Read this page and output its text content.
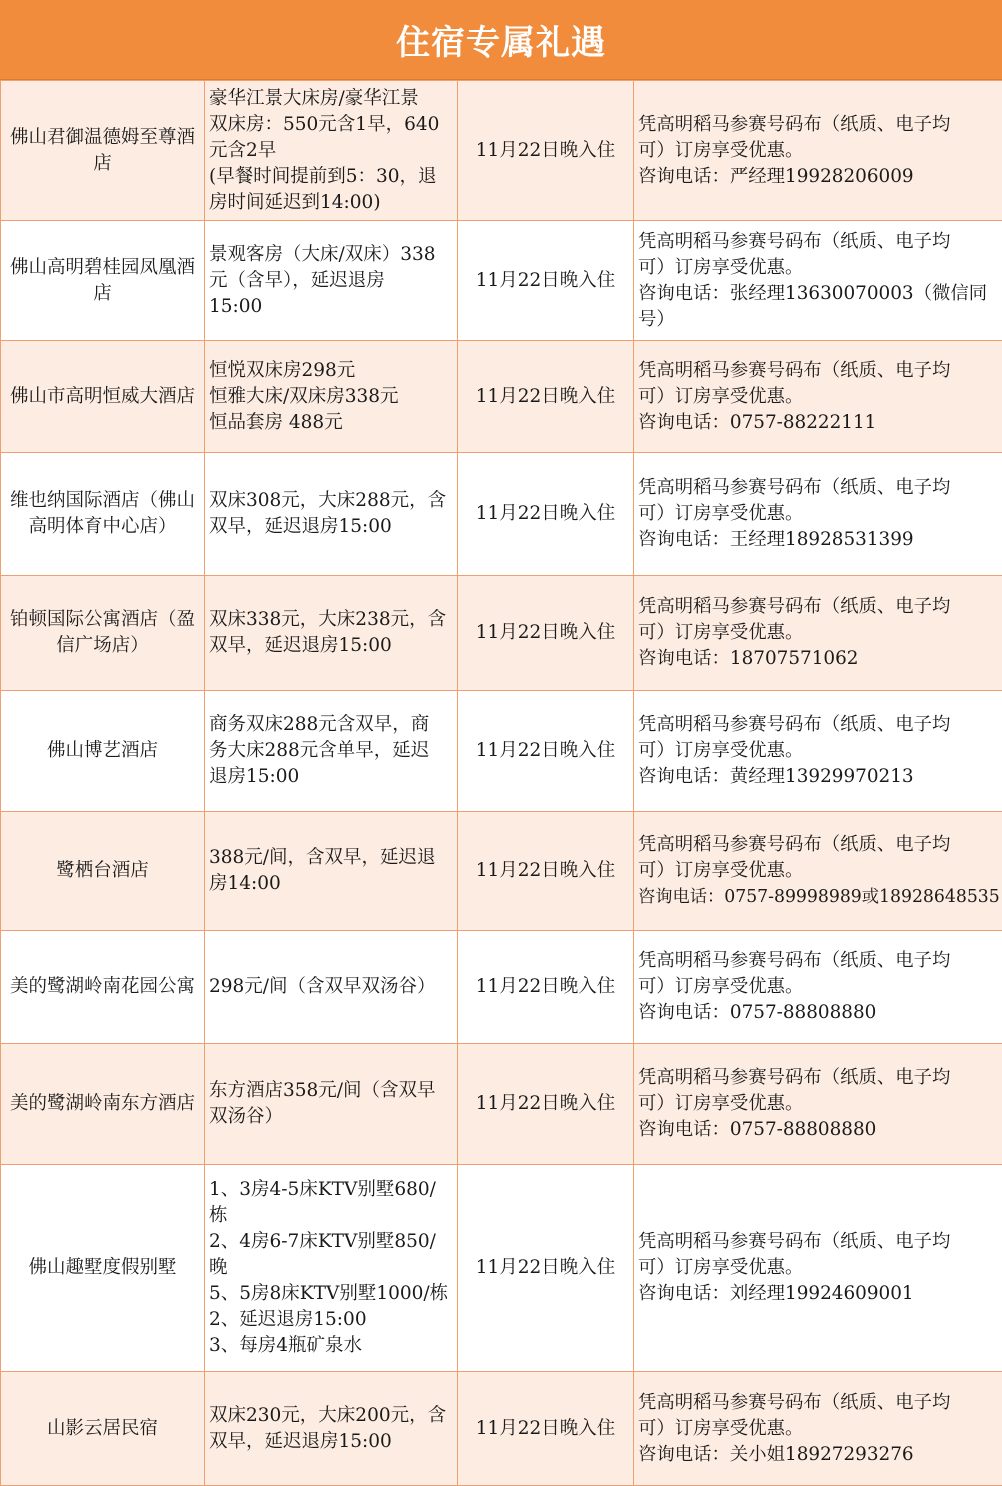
住宿专属礼遇
佛山君御温德姆至尊酒店	豪华江景大床房/豪华江景
双床房：550元含1早，640
元含2早
(早餐时间提前到5：30，退
房时间延迟到14:00)	11月22日晚入住	凭高明稻马参赛号码布（纸质、电子均
可）订房享受优惠。
咨询电话：严经理19928206009

佛山高明碧桂园凤凰酒店	景观客房（大床/双床）338
元（含早），延迟退房
15:00	11月22日晚入住	凭高明稻马参赛号码布（纸质、电子均
可）订房享受优惠。
咨询电话：张经理13630070003（微信同
号）

佛山市高明恒威大酒店	恒悦双床房298元
恒雅大床/双床房338元
恒品套房 488元	11月22日晚入住	凭高明稻马参赛号码布（纸质、电子均
可）订房享受优惠。
咨询电话：0757-88222111

维也纳国际酒店（佛山高明体育中心店）	双床308元，大床288元，含
双早，延迟退房15:00	11月22日晚入住	凭高明稻马参赛号码布（纸质、电子均
可）订房享受优惠。
咨询电话：王经理18928531399

铂顿国际公寓酒店（盈信广场店）	双床338元，大床238元，含
双早，延迟退房15:00	11月22日晚入住	凭高明稻马参赛号码布（纸质、电子均
可）订房享受优惠。
咨询电话：18707571062

佛山博艺酒店	商务双床288元含双早，商
务大床288元含单早，延迟
退房15:00	11月22日晚入住	凭高明稻马参赛号码布（纸质、电子均
可）订房享受优惠。
咨询电话：黄经理13929970213

鹭栖台酒店	388元/间，含双早，延迟退
房14:00	11月22日晚入住	凭高明稻马参赛号码布（纸质、电子均
可）订房享受优惠。
咨询电话：0757-89998989或18928648535

美的鹭湖岭南花园公寓	298元/间（含双早双汤谷）	11月22日晚入住	凭高明稻马参赛号码布（纸质、电子均
可）订房享受优惠。
咨询电话：0757-88808880

美的鹭湖岭南东方酒店	东方酒店358元/间（含双早
双汤谷）	11月22日晚入住	凭高明稻马参赛号码布（纸质、电子均
可）订房享受优惠。
咨询电话：0757-88808880

佛山趣墅度假别墅	1、3房4-5床KTV别墅680/栋
2、4房6-7床KTV别墅850/晚
5、5房8床KTV别墅1000/栋
2、延迟退房15:00
3、每房4瓶矿泉水	11月22日晚入住	凭高明稻马参赛号码布（纸质、电子均
可）订房享受优惠。
咨询电话：刘经理19924609001

山影云居民宿	双床230元，大床200元，含
双早，延迟退房15:00	11月22日晚入住	凭高明稻马参赛号码布（纸质、电子均
可）订房享受优惠。
咨询电话：关小姐18927293276
